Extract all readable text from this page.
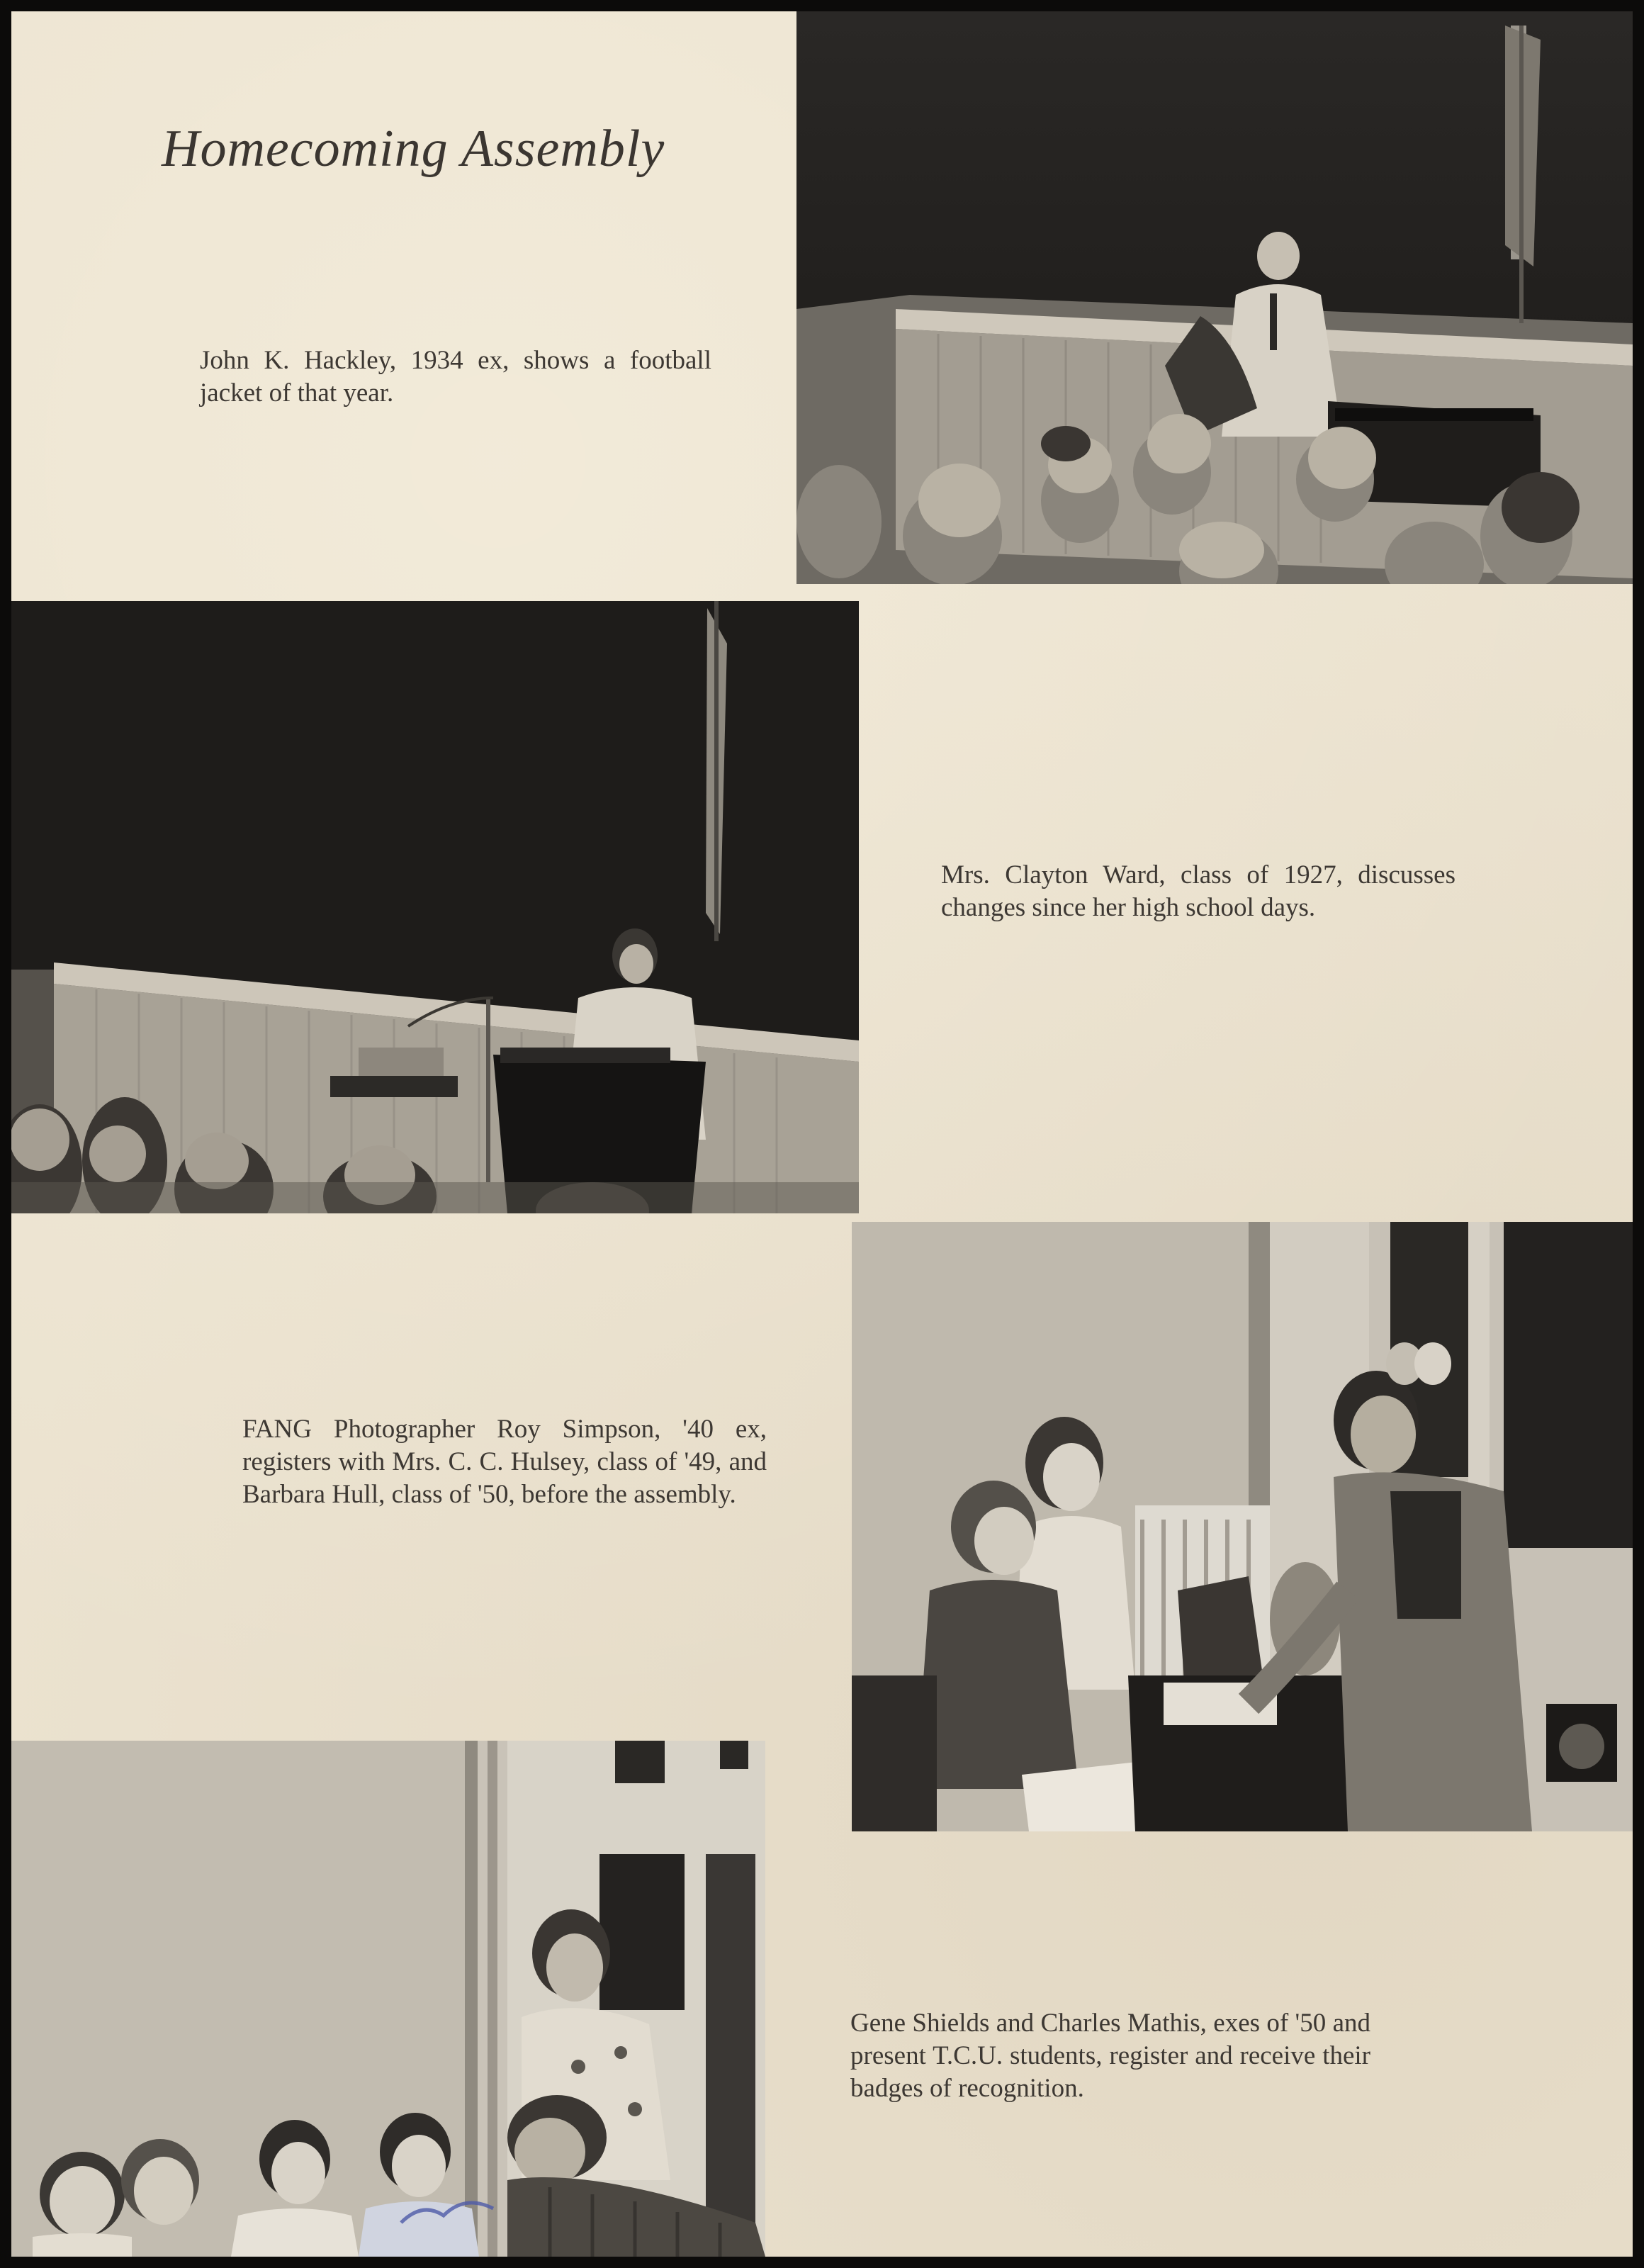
Homecoming Assembly

John K. Hackley, 1934 ex, shows a football jacket of that year.

Mrs. Clayton Ward, class of 1927, discusses changes since her high school days.

FANG Photographer Roy Simpson, '40 ex, registers with Mrs. C. C. Hulsey, class of '49, and Barbara Hull, class of '50, before the assembly.

Gene Shields and Charles Mathis, exes of '50 and present T.C.U. students, register and receive their badges of recognition.
